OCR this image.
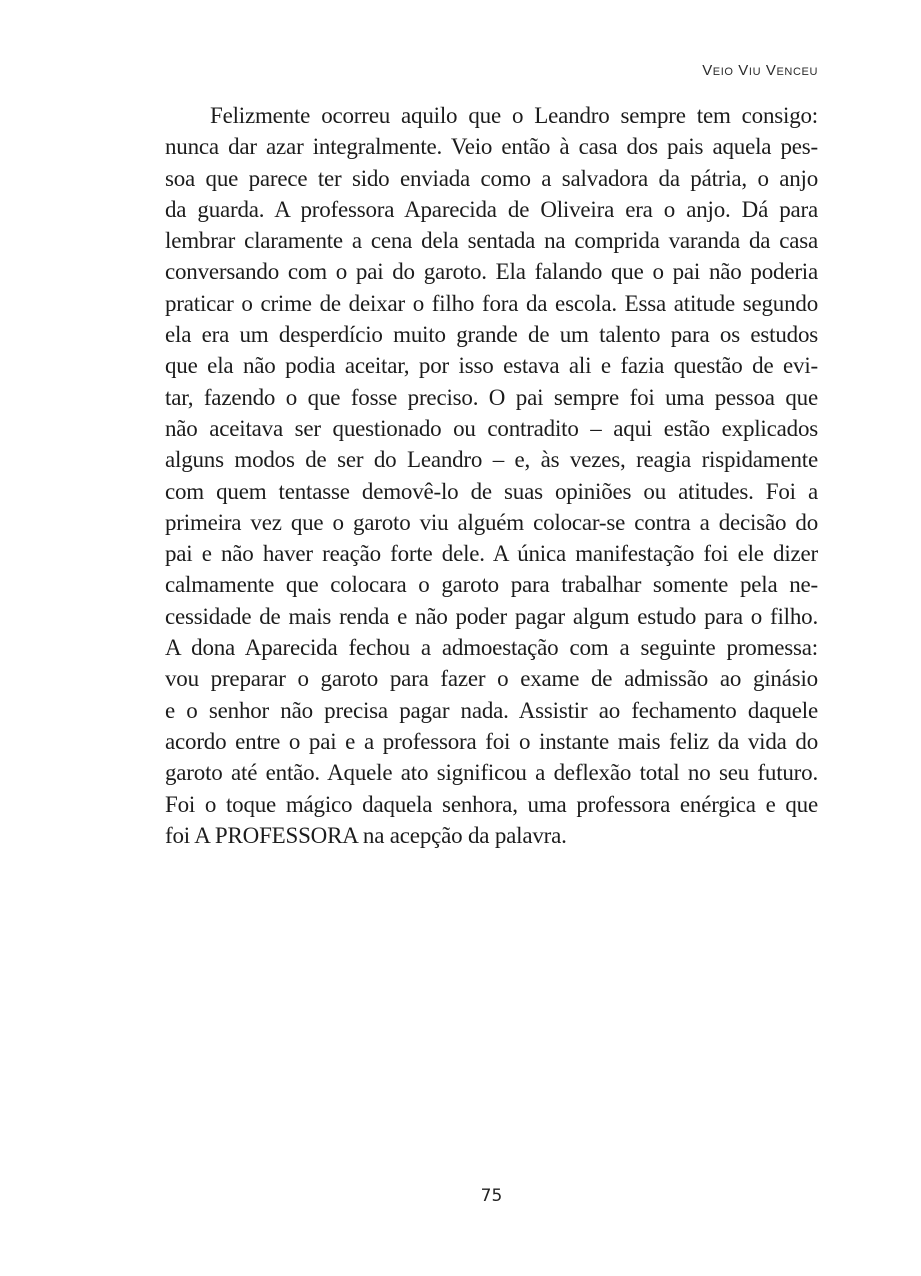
Veio Viu Venceu
Felizmente ocorreu aquilo que o Leandro sempre tem consigo:
nunca dar azar integralmente. Veio então à casa dos pais aquela pes-
soa que parece ter sido enviada como a salvadora da pátria, o anjo
da guarda. A professora Aparecida de Oliveira era o anjo. Dá para
lembrar claramente a cena dela sentada na comprida varanda da casa
conversando com o pai do garoto. Ela falando que o pai não poderia
praticar o crime de deixar o filho fora da escola. Essa atitude segundo
ela era um desperdício muito grande de um talento para os estudos
que ela não podia aceitar, por isso estava ali e fazia questão de evi-
tar, fazendo o que fosse preciso. O pai sempre foi uma pessoa que
não aceitava ser questionado ou contradito – aqui estão explicados
alguns modos de ser do Leandro – e, às vezes, reagia rispidamente
com quem tentasse demovê-lo de suas opiniões ou atitudes. Foi a
primeira vez que o garoto viu alguém colocar-se contra a decisão do
pai e não haver reação forte dele. A única manifestação foi ele dizer
calmamente que colocara o garoto para trabalhar somente pela ne-
cessidade de mais renda e não poder pagar algum estudo para o filho.
A dona Aparecida fechou a admoestação com a seguinte promessa:
vou preparar o garoto para fazer o exame de admissão ao ginásio
e o senhor não precisa pagar nada. Assistir ao fechamento daquele
acordo entre o pai e a professora foi o instante mais feliz da vida do
garoto até então. Aquele ato significou a deflexão total no seu futuro.
Foi o toque mágico daquela senhora, uma professora enérgica e que
foi A PROFESSORA na acepção da palavra.
75
